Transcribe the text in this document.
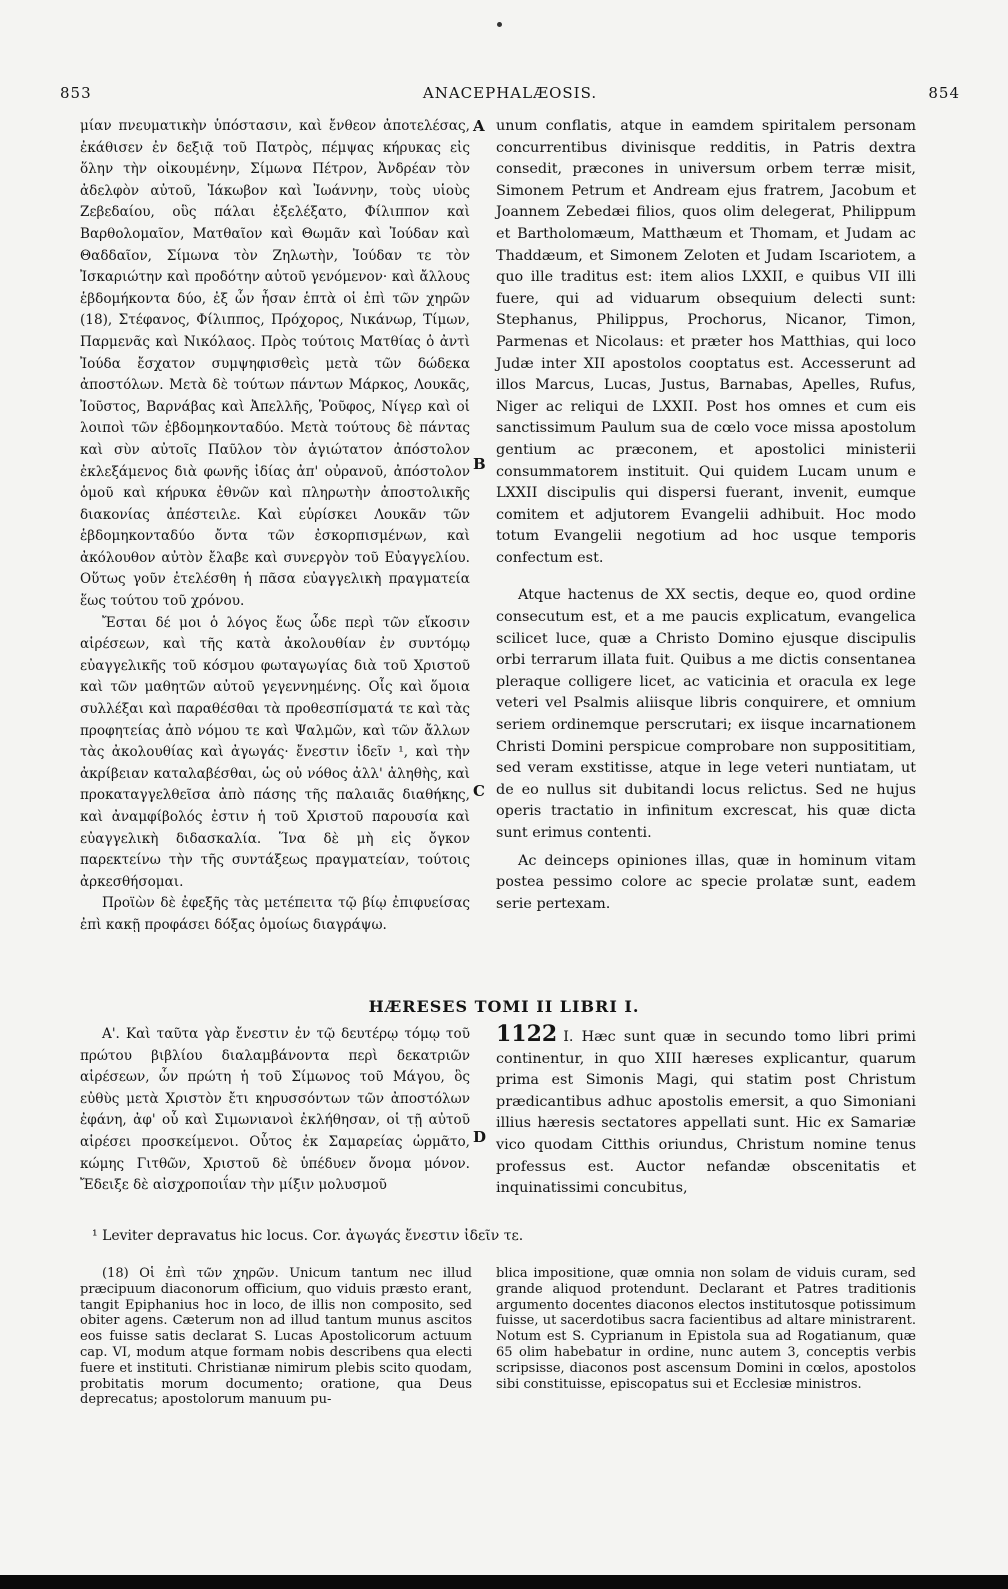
853	ANACEPHALÆOSIS.	854

μίαν πνευματικὴν ὑπόστασιν, καὶ ἔνθεον ἀποτελέσας, ἐκάθισεν ἐν δεξιᾷ τοῦ Πατρὸς, πέμψας κήρυκας εἰς ὅλην τὴν οἰκουμένην, Σίμωνα Πέτρον, Ἀνδρέαν τὸν ἀδελφὸν αὐτοῦ, Ἰάκωβον καὶ Ἰωάννην, τοὺς υἱοὺς Ζεβεδαίου, οὓς πάλαι ἐξελέξατο, Φίλιππον καὶ Βαρθολομαῖον, Ματθαῖον καὶ Θωμᾶν καὶ Ἰούδαν καὶ Θαδδαῖον, Σίμωνα τὸν Ζηλωτὴν, Ἰούδαν τε τὸν Ἰσκαριώτην καὶ προδότην αὐτοῦ γενόμενον· καὶ ἄλλους ἑβδομήκοντα δύο, ἐξ ὧν ἦσαν ἑπτὰ οἱ ἐπὶ τῶν χηρῶν (18), Στέφανος, Φίλιππος, Πρόχορος, Νικάνωρ, Τίμων, Παρμενᾶς καὶ Νικόλαος. Πρὸς τούτοις Ματθίας ὁ ἀντὶ Ἰούδα ἔσχατον συμψηφισθεὶς μετὰ τῶν δώδεκα ἀποστόλων. Μετὰ δὲ τούτων πάντων Μάρκος, Λουκᾶς, Ἰοῦστος, Βαρνάβας καὶ Ἀπελλῆς, Ῥοῦφος, Νίγερ καὶ οἱ λοιποὶ τῶν ἑβδομηκονταδύο. Μετὰ τούτους δὲ πάντας καὶ σὺν αὐτοῖς Παῦλον τὸν ἁγιώτατον ἀπόστολον ἐκλεξάμενος διὰ φωνῆς ἰδίας ἀπ' οὐρανοῦ, ἀπόστολον ὁμοῦ καὶ κήρυκα ἐθνῶν καὶ πληρωτὴν ἀποστολικῆς διακονίας ἀπέστειλε. Καὶ εὑρίσκει Λουκᾶν τῶν ἑβδομηκονταδύο ὄντα τῶν ἐσκορπισμένων, καὶ ἀκόλουθον αὐτὸν ἔλαβε καὶ συνεργὸν τοῦ Εὐαγγελίου. Οὕτως γοῦν ἐτελέσθη ἡ πᾶσα εὐαγγελικὴ πραγματεία ἕως τούτου τοῦ χρόνου.

Ἔσται δέ μοι ὁ λόγος ἕως ὧδε περὶ τῶν εἴκοσιν αἱρέσεων, καὶ τῆς κατὰ ἀκολουθίαν ἐν συντόμῳ εὐαγγελικῆς τοῦ κόσμου φωταγωγίας διὰ τοῦ Χριστοῦ καὶ τῶν μαθητῶν αὐτοῦ γεγεννημένης. Οἷς καὶ ὅμοια συλλέξαι καὶ παραθέσθαι τὰ προθεσπίσματά τε καὶ τὰς προφητείας ἀπὸ νόμου τε καὶ Ψαλμῶν, καὶ τῶν ἄλλων τὰς ἀκολουθίας καὶ ἀγωγάς· ἔνεστιν ἰδεῖν ¹, καὶ τὴν ἀκρίβειαν καταλαβέσθαι, ὡς οὐ νόθος ἀλλ' ἀληθὴς, καὶ προκαταγγελθεῖσα ἀπὸ πάσης τῆς παλαιᾶς διαθήκης, καὶ ἀναμφίβολός ἐστιν ἡ τοῦ Χριστοῦ παρουσία καὶ εὐαγγελικὴ διδασκαλία. Ἵνα δὲ μὴ εἰς ὄγκον παρεκτείνω τὴν τῆς συντάξεως πραγματείαν, τούτοις ἀρκεσθήσομαι.

Προϊὼν δὲ ἐφεξῆς τὰς μετέπειτα τῷ βίῳ ἐπιφυείσας ἐπὶ κακῇ προφάσει δόξας ὁμοίως διαγράψω.

A
B
C
D

unum conflatis, atque in eamdem spiritalem personam concurrentibus divinisque redditis, in Patris dextra consedit, præcones in universum orbem terræ misit, Simonem Petrum et Andream ejus fratrem, Jacobum et Joannem Zebedæi filios, quos olim delegerat, Philippum et Bartholomæum, Matthæum et Thomam, et Judam ac Thaddæum, et Simonem Zeloten et Judam Iscariotem, a quo ille traditus est: item alios LXXII, e quibus VII illi fuere, qui ad viduarum obsequium delecti sunt: Stephanus, Philippus, Prochorus, Nicanor, Timon, Parmenas et Nicolaus: et præter hos Matthias, qui loco Judæ inter XII apostolos cooptatus est. Accesserunt ad illos Marcus, Lucas, Justus, Barnabas, Apelles, Rufus, Niger ac reliqui de LXXII. Post hos omnes et cum eis sanctissimum Paulum sua de cœlo voce missa apostolum gentium ac præconem, et apostolici ministerii consummatorem instituit. Qui quidem Lucam unum e LXXII discipulis qui dispersi fuerant, invenit, eumque comitem et adjutorem Evangelii adhibuit. Hoc modo totum Evangelii negotium ad hoc usque temporis confectum est.

Atque hactenus de XX sectis, deque eo, quod ordine consecutum est, et a me paucis explicatum, evangelica scilicet luce, quæ a Christo Domino ejusque discipulis orbi terrarum illata fuit. Quibus a me dictis consentanea pleraque colligere licet, ac vaticinia et oracula ex lege veteri vel Psalmis aliisque libris conquirere, et omnium seriem ordinemque perscrutari; ex iisque incarnationem Christi Domini perspicue comprobare non supposititiam, sed veram exstitisse, atque in lege veteri nuntiatam, ut de eo nullus sit dubitandi locus relictus. Sed ne hujus operis tractatio in infinitum excrescat, his quæ dicta sunt erimus contenti.

Ac deinceps opiniones illas, quæ in hominum vitam postea pessimo colore ac specie prolatæ sunt, eadem serie pertexam.

HÆRESES TOMI II LIBRI I.

Α'. Καὶ ταῦτα γὰρ ἔνεστιν ἐν τῷ δευτέρῳ τόμῳ τοῦ πρώτου βιβλίου διαλαμβάνοντα περὶ δεκατριῶν αἱρέσεων, ὧν πρώτη ἡ τοῦ Σίμωνος τοῦ Μάγου, ὃς εὐθὺς μετὰ Χριστὸν ἔτι κηρυσσόντων τῶν ἀποστόλων ἐφάνη, ἀφ' οὗ καὶ Σιμωνιανοὶ ἐκλήθησαν, οἱ τῇ αὐτοῦ αἱρέσει προσκείμενοι. Οὗτος ἐκ Σαμαρείας ὡρμᾶτο, κώμης Γιτθῶν, Χριστοῦ δὲ ὑπέδυεν ὄνομα μόνον. Ἔδειξε δὲ αἰσχροποιΐαν τὴν μίξιν μολυσμοῦ

1122 I. Hæc sunt quæ in secundo tomo libri primi continentur, in quo XIII hæreses explicantur, quarum prima est Simonis Magi, qui statim post Christum prædicantibus adhuc apostolis emersit, a quo Simoniani illius hæresis sectatores appellati sunt. Hic ex Samariæ vico quodam Citthis oriundus, Christum nomine tenus professus est. Auctor nefandæ obscenitatis et inquinatissimi concubitus,

¹ Leviter depravatus hic locus. Cor. ἀγωγάς ἔνεστιν ἰδεῖν τε.

(18) Οἱ ἐπὶ τῶν χηρῶν. Unicum tantum nec illud præcipuum diaconorum officium, quo viduis præsto erant, tangit Epiphanius hoc in loco, de illis non composito, sed obiter agens. Cæterum non ad illud tantum munus ascitos eos fuisse satis declarat S. Lucas Apostolicorum actuum cap. VI, modum atque formam nobis describens qua electi fuere et instituti. Christianæ nimirum plebis scito quodam, probitatis morum documento; oratione, qua Deus deprecatus; apostolorum manuum pu-

blica impositione, quæ omnia non solam de viduis curam, sed grande aliquod protendunt. Declarant et Patres traditionis argumento docentes diaconos electos institutosque potissimum fuisse, ut sacerdotibus sacra facientibus ad altare ministrarent. Notum est S. Cyprianum in Epistola sua ad Rogatianum, quæ 65 olim habebatur in ordine, nunc autem 3, conceptis verbis scripsisse, diaconos post ascensum Domini in cœlos, apostolos sibi constituisse, episcopatus sui et Ecclesiæ ministros.
